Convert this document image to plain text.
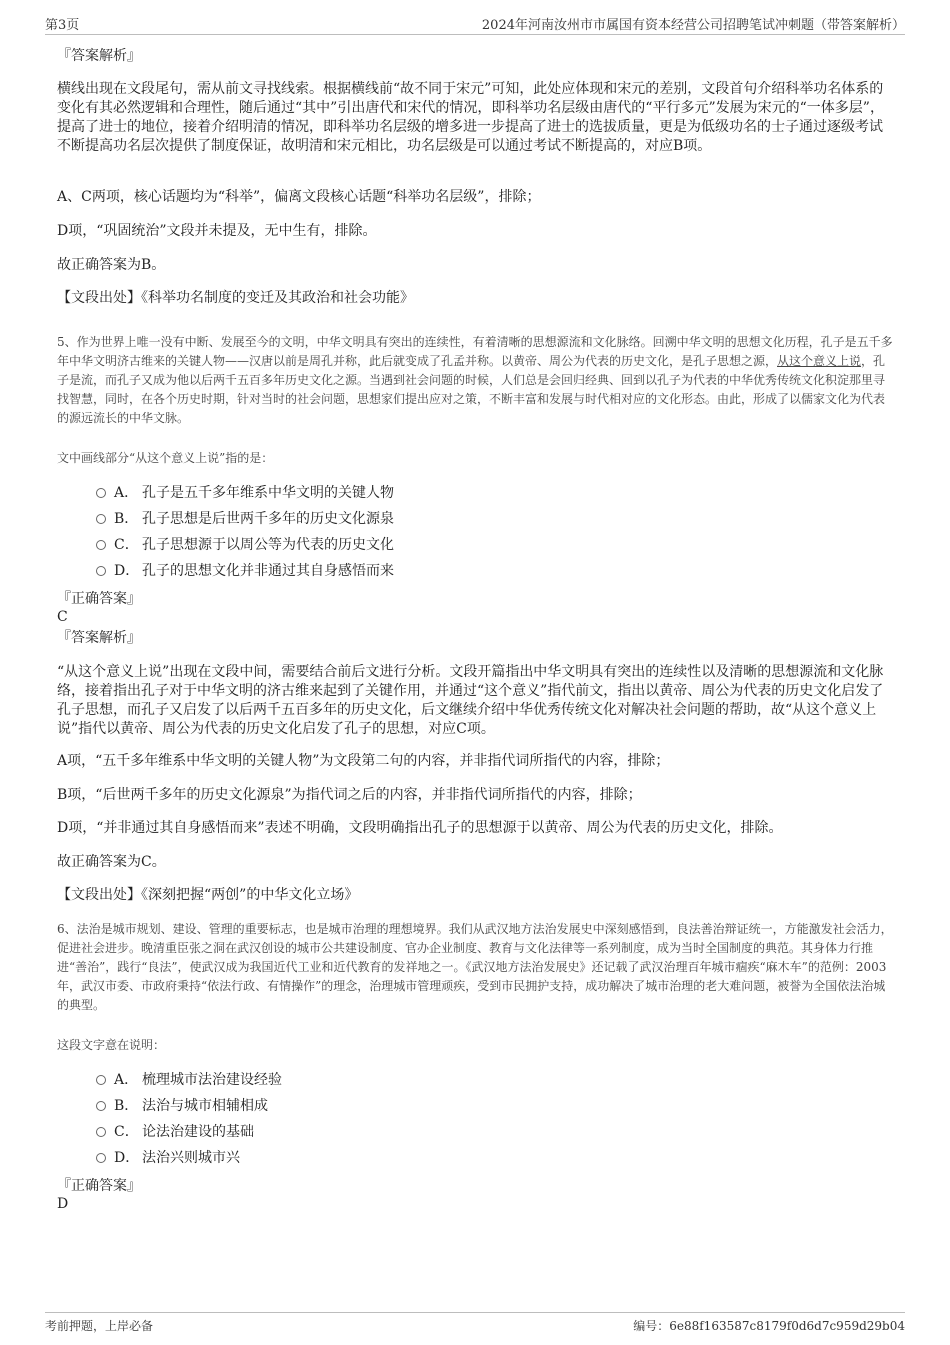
第3页	2024年河南汝州市市属国有资本经营公司招聘笔试冲刺题（带答案解析）

『答案解析』

横线出现在文段尾句，需从前文寻找线索。根据横线前“故不同于宋元”可知，此处应体现和宋元的差别，文段首句介绍科举功名体系的变化有其必然逻辑和合理性，随后通过“其中”引出唐代和宋代的情况，即科举功名层级由唐代的“平行多元”发展为宋元的“一体多层”，提高了进士的地位，接着介绍明清的情况，即科举功名层级的增多进一步提高了进士的选拔质量，更是为低级功名的士子通过逐级考试不断提高功名层次提供了制度保证，故明清和宋元相比，功名层级是可以通过考试不断提高的，对应B项。

A、C两项，核心话题均为“科举”，偏离文段核心话题“科举功名层级”，排除；

D项，“巩固统治”文段并未提及，无中生有，排除。

故正确答案为B。

【文段出处】《科举功名制度的变迁及其政治和社会功能》

5、作为世界上唯一没有中断、发展至今的文明，中华文明具有突出的连续性，有着清晰的思想源流和文化脉络。回溯中华文明的思想文化历程，孔子是五千多年中华文明济古维来的关键人物——汉唐以前是周孔并称，此后就变成了孔孟并称。以黄帝、周公为代表的历史文化，是孔子思想之源，从这个意义上说，孔子是流，而孔子又成为他以后两千五百多年历史文化之源。当遇到社会问题的时候，人们总是会回归经典、回到以孔子为代表的中华优秀传统文化积淀那里寻找智慧，同时，在各个历史时期，针对当时的社会问题，思想家们提出应对之策，不断丰富和发展与时代相对应的文化形态。由此，形成了以儒家文化为代表的源远流长的中华文脉。

文中画线部分“从这个意义上说”指的是：

A． 孔子是五千多年维系中华文明的关键人物
B． 孔子思想是后世两千多年的历史文化源泉
C． 孔子思想源于以周公等为代表的历史文化
D． 孔子的思想文化并非通过其自身感悟而来

『正确答案』

C

『答案解析』

“从这个意义上说”出现在文段中间，需要结合前后文进行分析。文段开篇指出中华文明具有突出的连续性以及清晰的思想源流和文化脉络，接着指出孔子对于中华文明的济古维来起到了关键作用，并通过“这个意义”指代前文，指出以黄帝、周公为代表的历史文化启发了孔子思想，而孔子又启发了以后两千五百多年的历史文化，后文继续介绍中华优秀传统文化对解决社会问题的帮助，故“从这个意义上说”指代以黄帝、周公为代表的历史文化启发了孔子的思想，对应C项。

A项，“五千多年维系中华文明的关键人物”为文段第二句的内容，并非指代词所指代的内容，排除；

B项，“后世两千多年的历史文化源泉”为指代词之后的内容，并非指代词所指代的内容，排除；

D项，“并非通过其自身感悟而来”表述不明确，文段明确指出孔子的思想源于以黄帝、周公为代表的历史文化，排除。

故正确答案为C。

【文段出处】《深刻把握“两创”的中华文化立场》

6、法治是城市规划、建设、管理的重要标志，也是城市治理的理想境界。我们从武汉地方法治发展史中深刻感悟到，良法善治辩证统一，方能激发社会活力，促进社会进步。晚清重臣张之洞在武汉创设的城市公共建设制度、官办企业制度、教育与文化法律等一系列制度，成为当时全国制度的典范。其身体力行推进“善治”，践行“良法”，使武汉成为我国近代工业和近代教育的发祥地之一。《武汉地方法治发展史》还记载了武汉治理百年城市痼疾“麻木车”的范例：2003年，武汉市委、市政府秉持“依法行政、有情操作”的理念，治理城市管理顽疾，受到市民拥护支持，成功解决了城市治理的老大难问题，被誉为全国依法治城的典型。

这段文字意在说明：

A． 梳理城市法治建设经验
B． 法治与城市相辅相成
C． 论法治建设的基础
D． 法治兴则城市兴

『正确答案』

D

考前押题，上岸必备	编号：6e88f163587c8179f0d6d7c959d29b04
